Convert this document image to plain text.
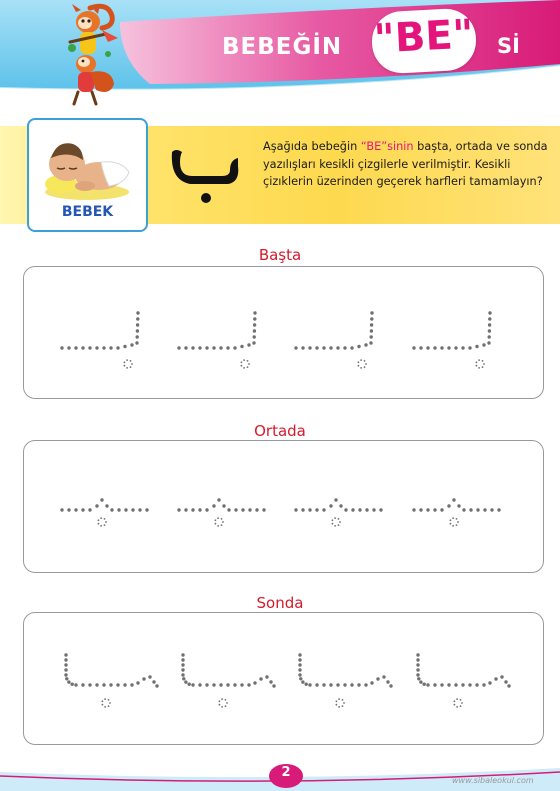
BEBEĞİN "BE" Sİ
BEBEK
Aşağıda bebeğin “BE”sinin başta, ortada ve sonda yazılışları kesikli çizgilerle verilmiştir. Kesikli çizıklerin üzerinden geçerek harfleri tamamlayın?
Başta
Ortada
Sonda
2
www.sibaleokul.com
